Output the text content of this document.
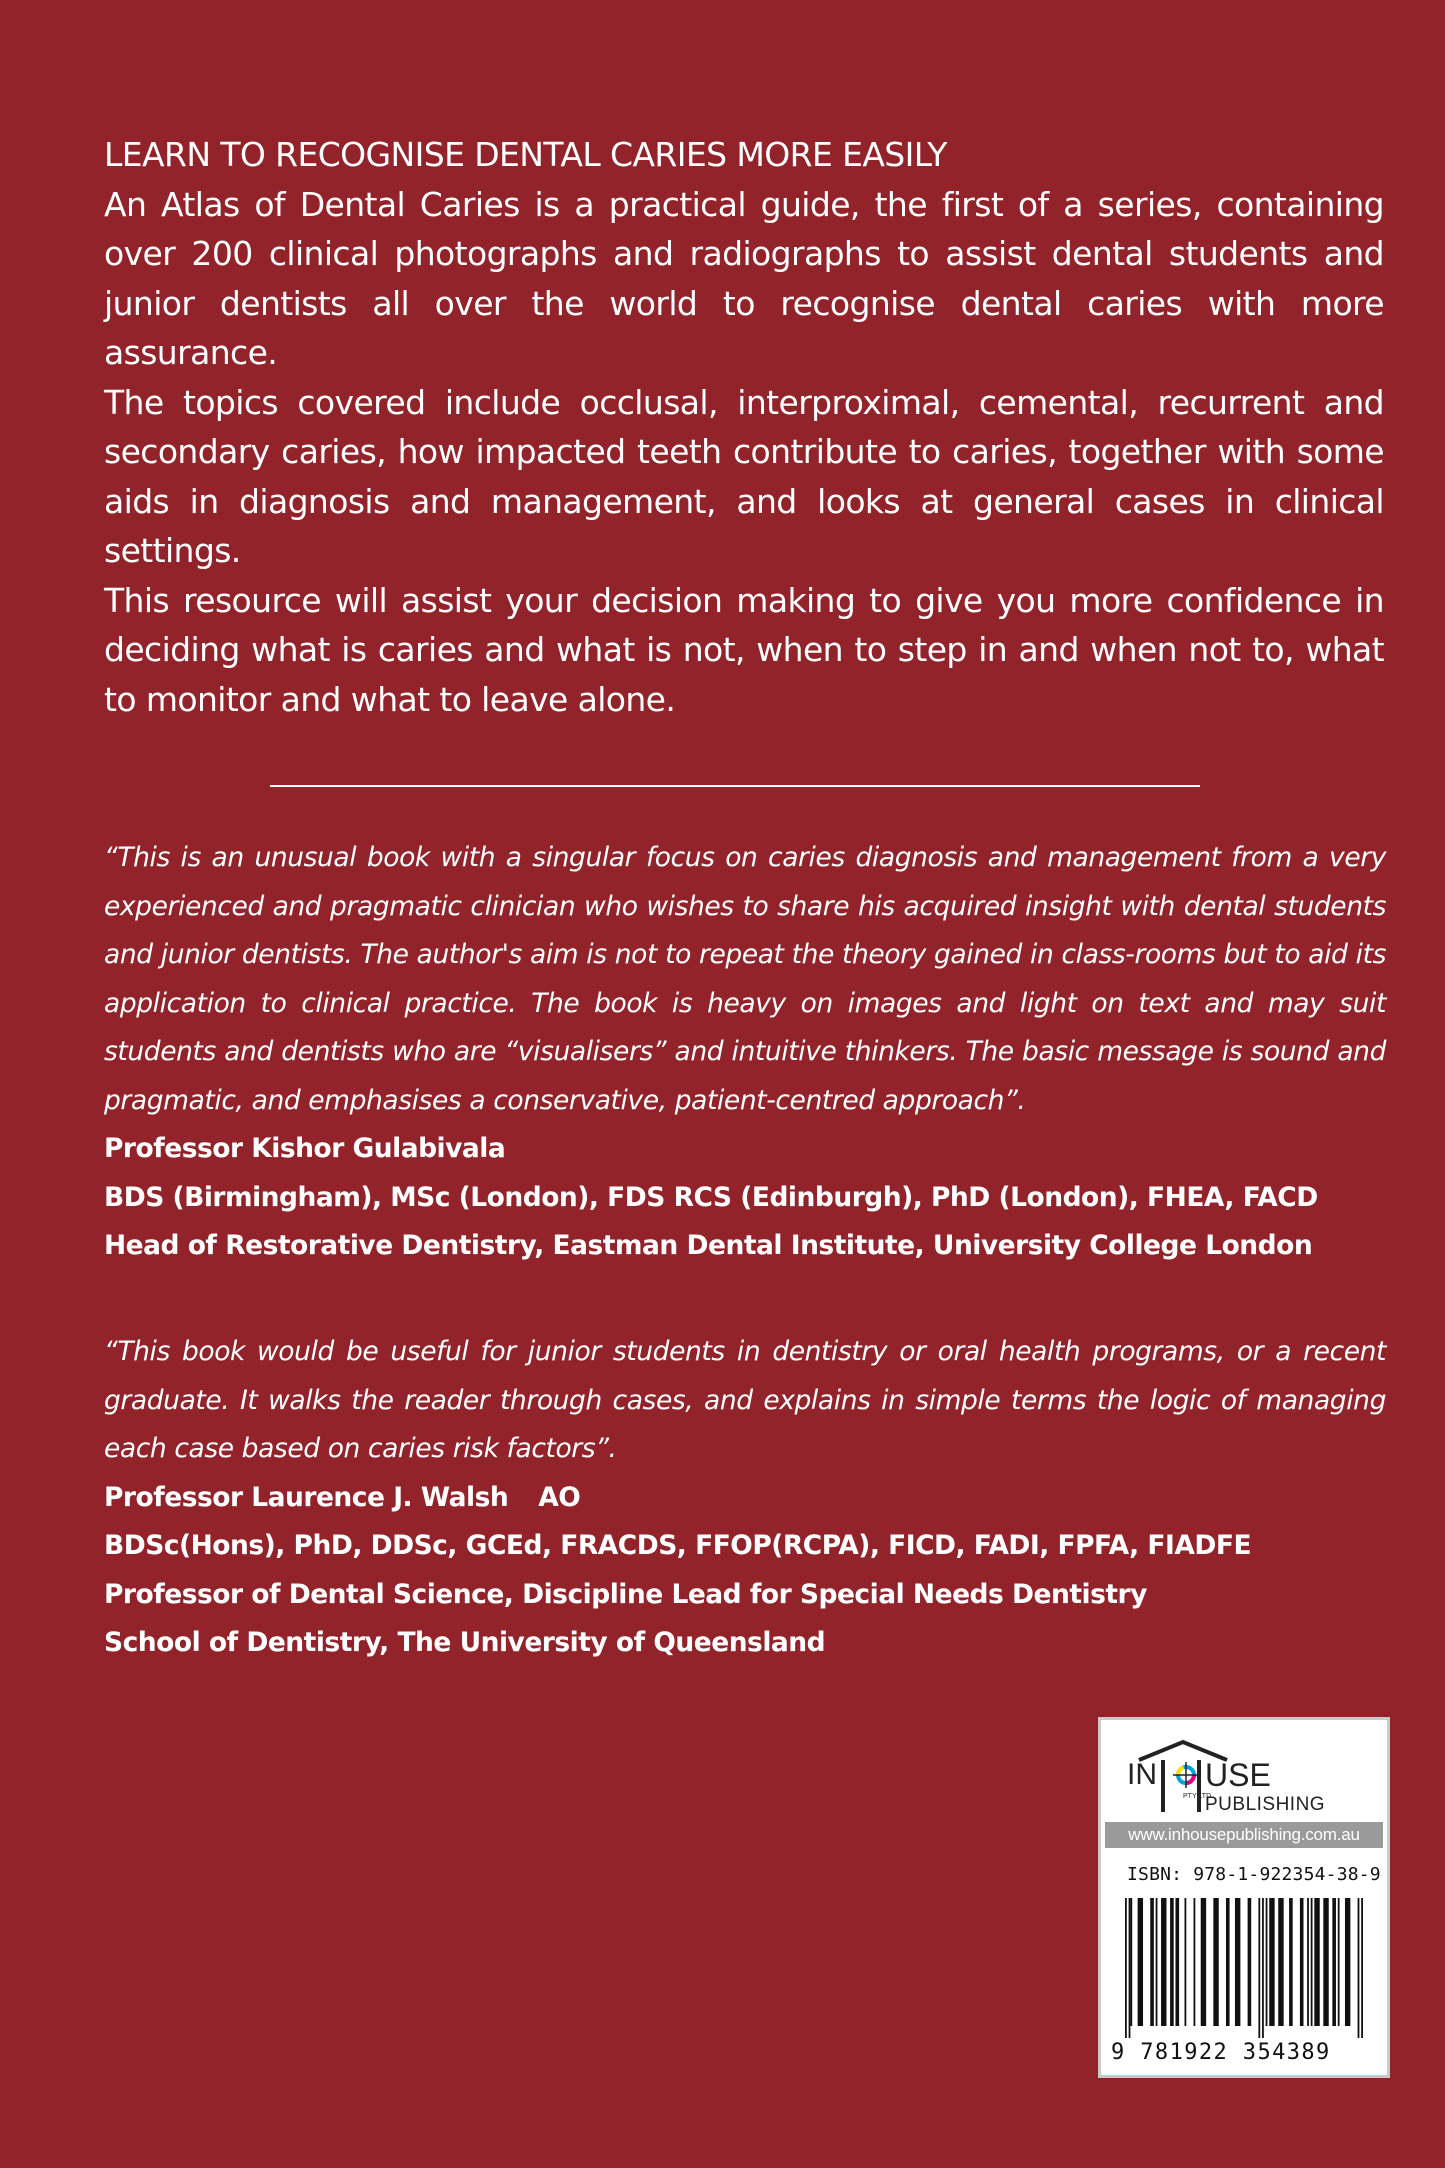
LEARN TO RECOGNISE DENTAL CARIES MORE EASILY

An Atlas of Dental Caries is a practical guide, the first of a series, containing over 200 clinical photographs and radiographs to assist dental students and junior dentists all over the world to recognise dental caries with more assurance.

The topics covered include occlusal, interproximal, cemental, recurrent and secondary caries, how impacted teeth contribute to caries, together with some aids in diagnosis and management, and looks at general cases in clinical settings.

This resource will assist your decision making to give you more confidence in deciding what is caries and what is not, when to step in and when not to, what to monitor and what to leave alone.

“This is an unusual book with a singular focus on caries diagnosis and management from a very experienced and pragmatic clinician who wishes to share his acquired insight with dental students and junior dentists. The author's aim is not to repeat the theory gained in class-rooms but to aid its application to clinical practice. The book is heavy on images and light on text and may suit students and dentists who are “visualisers” and intuitive thinkers. The basic message is sound and pragmatic, and emphasises a conservative, patient-centred approach”.

Professor Kishor Gulabivala

BDS (Birmingham), MSc (London), FDS RCS (Edinburgh), PhD (London), FHEA, FACD

Head of Restorative Dentistry, Eastman Dental Institute, University College London

“This book would be useful for junior students in dentistry or oral health programs, or a recent graduate. It walks the reader through cases, and explains in simple terms the logic of managing each case based on caries risk factors”.

Professor Laurence J. Walsh AO

BDSc(Hons), PhD, DDSc, GCEd, FRACDS, FFOP(RCPA), FICD, FADI, FPFA, FIADFE

Professor of Dental Science, Discipline Lead for Special Needs Dentistry

School of Dentistry, The University of Queensland

IN USE
PTY LTD
PUBLISHING
www.inhousepublishing.com.au
ISBN: 978-1-922354-38-9
9 781922 354389
